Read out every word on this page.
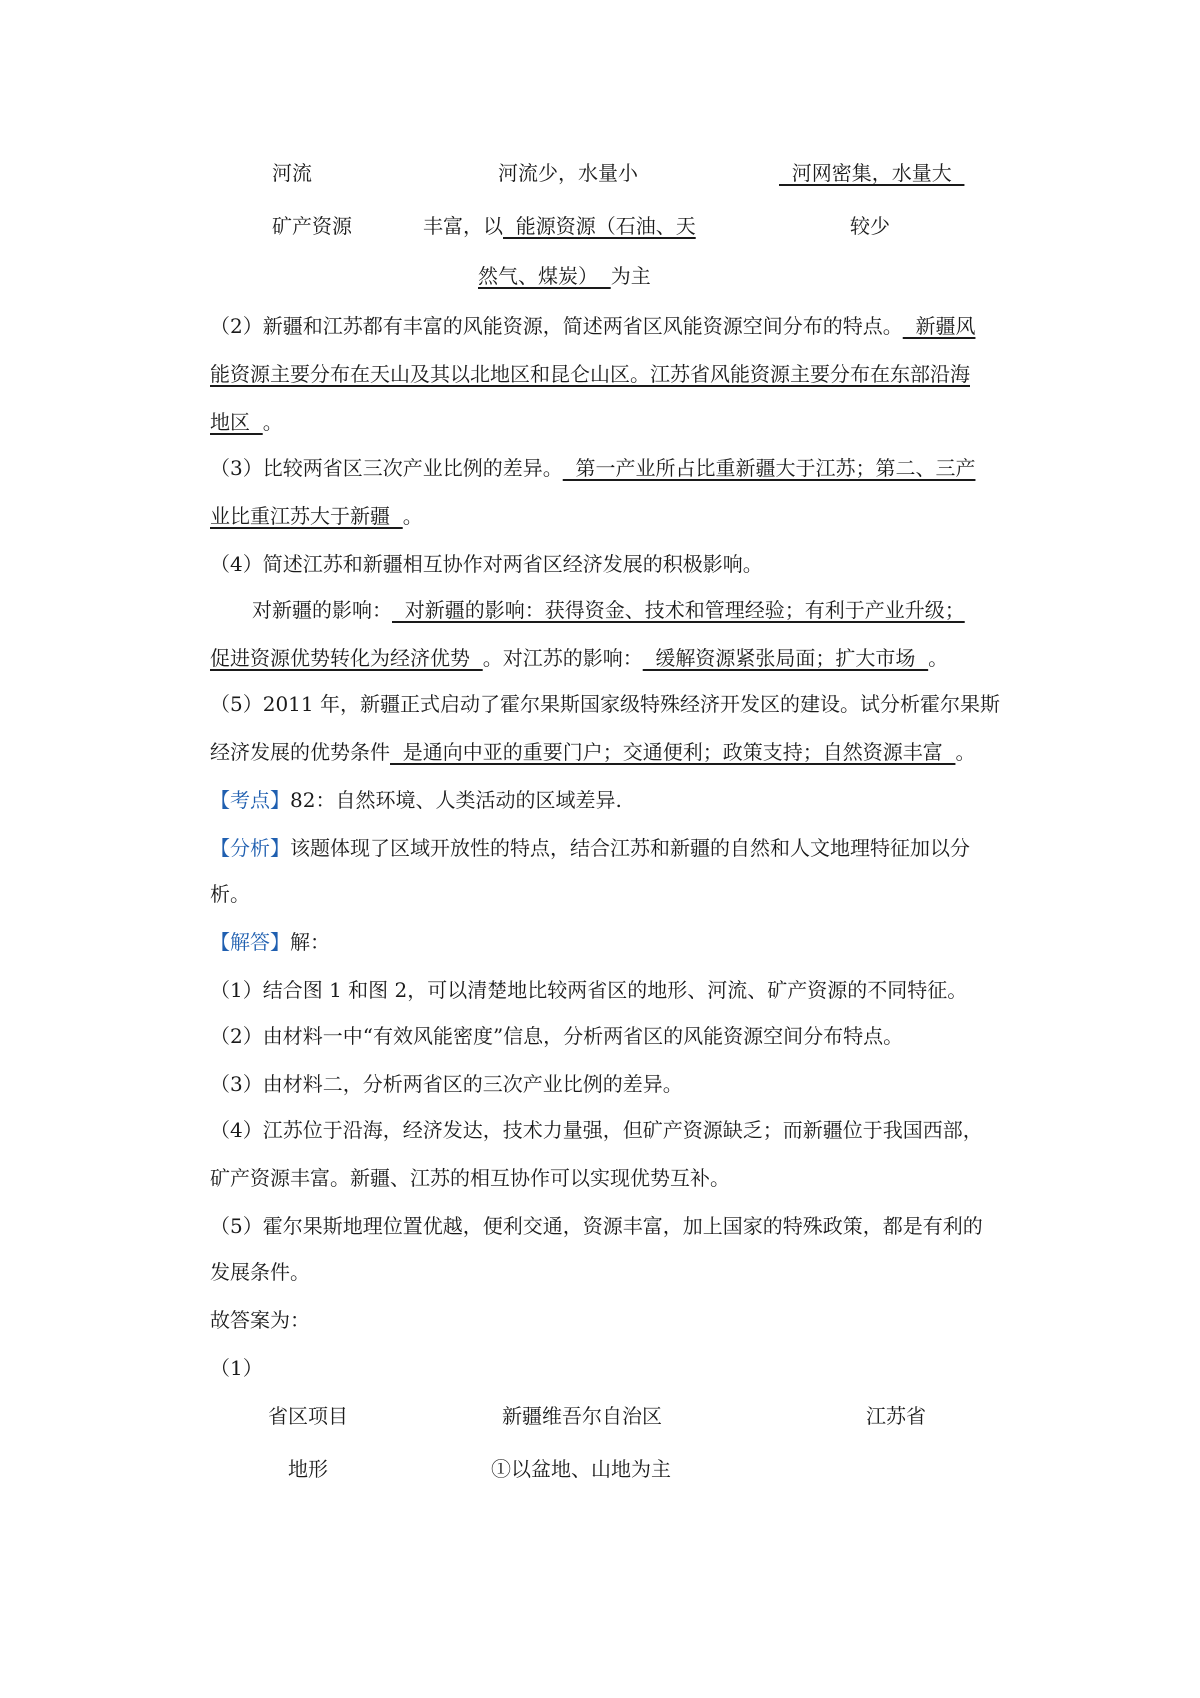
河流	河流少，水量小	河网密集，水量大
矿产资源	丰富，以  能源资源（石油、天	较少
然气、煤炭）  为主
（2）新疆和江苏都有丰富的风能资源，简述两省区风能资源空间分布的特点。  新疆风
能资源主要分布在天山及其以北地区和昆仑山区。江苏省风能资源主要分布在东部沿海
地区  。
（3）比较两省区三次产业比例的差异。  第一产业所占比重新疆大于江苏；第二、三产
业比重江苏大于新疆  。
（4）简述江苏和新疆相互协作对两省区经济发展的积极影响。
对新疆的影响：  对新疆的影响：获得资金、技术和管理经验；有利于产业升级；
促进资源优势转化为经济优势  。对江苏的影响：  缓解资源紧张局面；扩大市场  。
（5）2011 年，新疆正式启动了霍尔果斯国家级特殊经济开发区的建设。试分析霍尔果斯
经济发展的优势条件  是通向中亚的重要门户；交通便利；政策支持；自然资源丰富  。
【考点】82：自然环境、人类活动的区域差异.
【分析】该题体现了区域开放性的特点，结合江苏和新疆的自然和人文地理特征加以分
析。
【解答】解：
（1）结合图 1 和图 2，可以清楚地比较两省区的地形、河流、矿产资源的不同特征。
（2）由材料一中“有效风能密度”信息，分析两省区的风能资源空间分布特点。
（3）由材料二，分析两省区的三次产业比例的差异。
（4）江苏位于沿海，经济发达，技术力量强，但矿产资源缺乏；而新疆位于我国西部，
矿产资源丰富。新疆、江苏的相互协作可以实现优势互补。
（5）霍尔果斯地理位置优越，便利交通，资源丰富，加上国家的特殊政策，都是有利的
发展条件。
故答案为：
（1）
省区项目	新疆维吾尔自治区	江苏省
地形	①以盆地、山地为主
